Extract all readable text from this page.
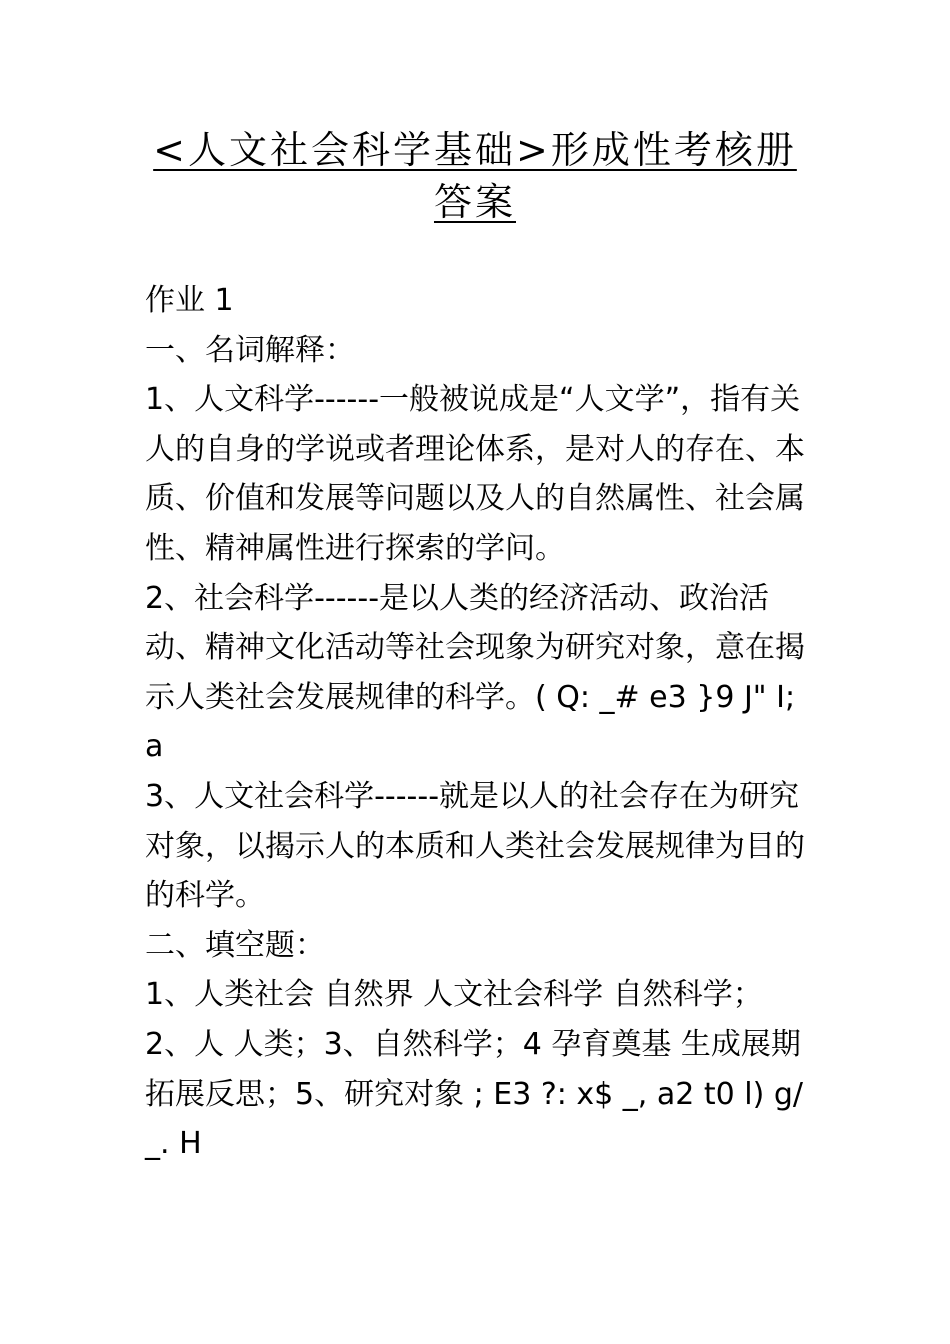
<人文社会科学基础>形成性考核册答案

作业 1

一、名词解释：

1、人文科学------一般被说成是“人文学”，指有关人的自身的学说或者理论体系，是对人的存在、本质、价值和发展等问题以及人的自然属性、社会属性、精神属性进行探索的学问。

2、社会科学------是以人类的经济活动、政治活动、精神文化活动等社会现象为研究对象，意在揭示人类社会发展规律的科学。( Q: _# e3 }9 J" I; a

3、人文社会科学------就是以人的社会存在为研究对象，以揭示人的本质和人类社会发展规律为目的的科学。

二、填空题：

1、人类社会 自然界 人文社会科学 自然科学；2、人 人类；3、自然科学；4 孕育奠基 生成展期拓展反思；5、研究对象 ; E3 ?: x$ _, a2 t0 l) g/ _. H
